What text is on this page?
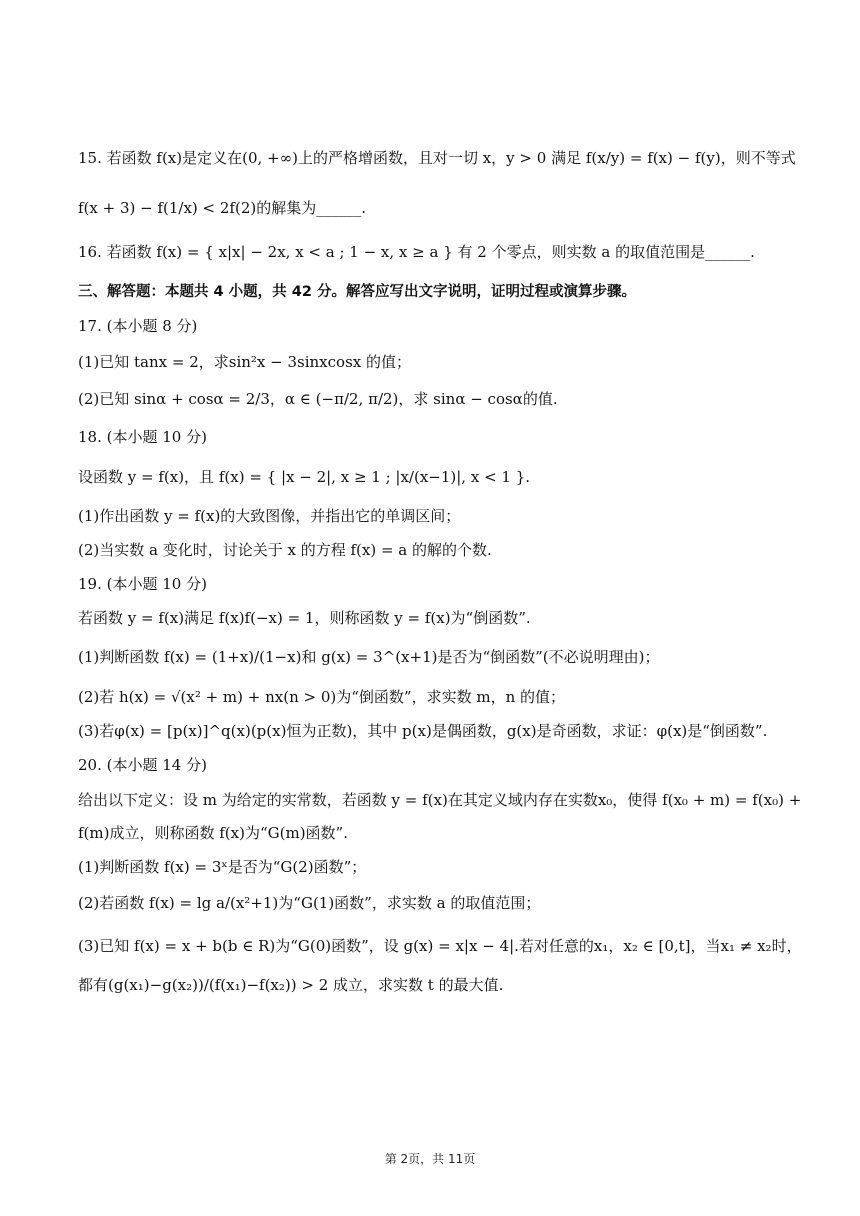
15. 若函数 f(x)是定义在(0, +∞)上的严格增函数，且对一切 x，y > 0 满足 f(x/y) = f(x) − f(y)，则不等式
f(x + 3) − f(1/x) < 2f(2)的解集为______.
16. 若函数 f(x) = { x|x| − 2x, x < a ; 1 − x, x ≥ a } 有 2 个零点，则实数 a 的取值范围是______.
三、解答题：本题共 4 小题，共 42 分。解答应写出文字说明，证明过程或演算步骤。
17. (本小题 8 分)
(1)已知 tanx = 2，求sin²x − 3sinxcosx 的值；
(2)已知 sinα + cosα = 2/3，α ∈ (−π/2, π/2)，求 sinα − cosα的值.
18. (本小题 10 分)
设函数 y = f(x)，且 f(x) = { |x − 2|, x ≥ 1 ; |x/(x−1)|, x < 1 }.
(1)作出函数 y = f(x)的大致图像，并指出它的单调区间；
(2)当实数 a 变化时，讨论关于 x 的方程 f(x) = a 的解的个数.
19. (本小题 10 分)
若函数 y = f(x)满足 f(x)f(−x) = 1，则称函数 y = f(x)为“倒函数”.
(1)判断函数 f(x) = (1+x)/(1−x)和 g(x) = 3^(x+1)是否为“倒函数”(不必说明理由)；
(2)若 h(x) = √(x² + m) + nx(n > 0)为“倒函数”，求实数 m，n 的值；
(3)若φ(x) = [p(x)]^q(x)(p(x)恒为正数)，其中 p(x)是偶函数，g(x)是奇函数，求证：φ(x)是“倒函数”.
20. (本小题 14 分)
给出以下定义：设 m 为给定的实常数，若函数 y = f(x)在其定义域内存在实数x₀，使得 f(x₀ + m) = f(x₀) +
f(m)成立，则称函数 f(x)为“G(m)函数”.
(1)判断函数 f(x) = 3ˣ是否为“G(2)函数”；
(2)若函数 f(x) = lg a/(x²+1)为“G(1)函数”，求实数 a 的取值范围；
(3)已知 f(x) = x + b(b ∈ R)为“G(0)函数”，设 g(x) = x|x − 4|.若对任意的x₁，x₂ ∈ [0,t]，当x₁ ≠ x₂时，
都有(g(x₁)−g(x₂))/(f(x₁)−f(x₂)) > 2 成立，求实数 t 的最大值.
第 2页，共 11页
